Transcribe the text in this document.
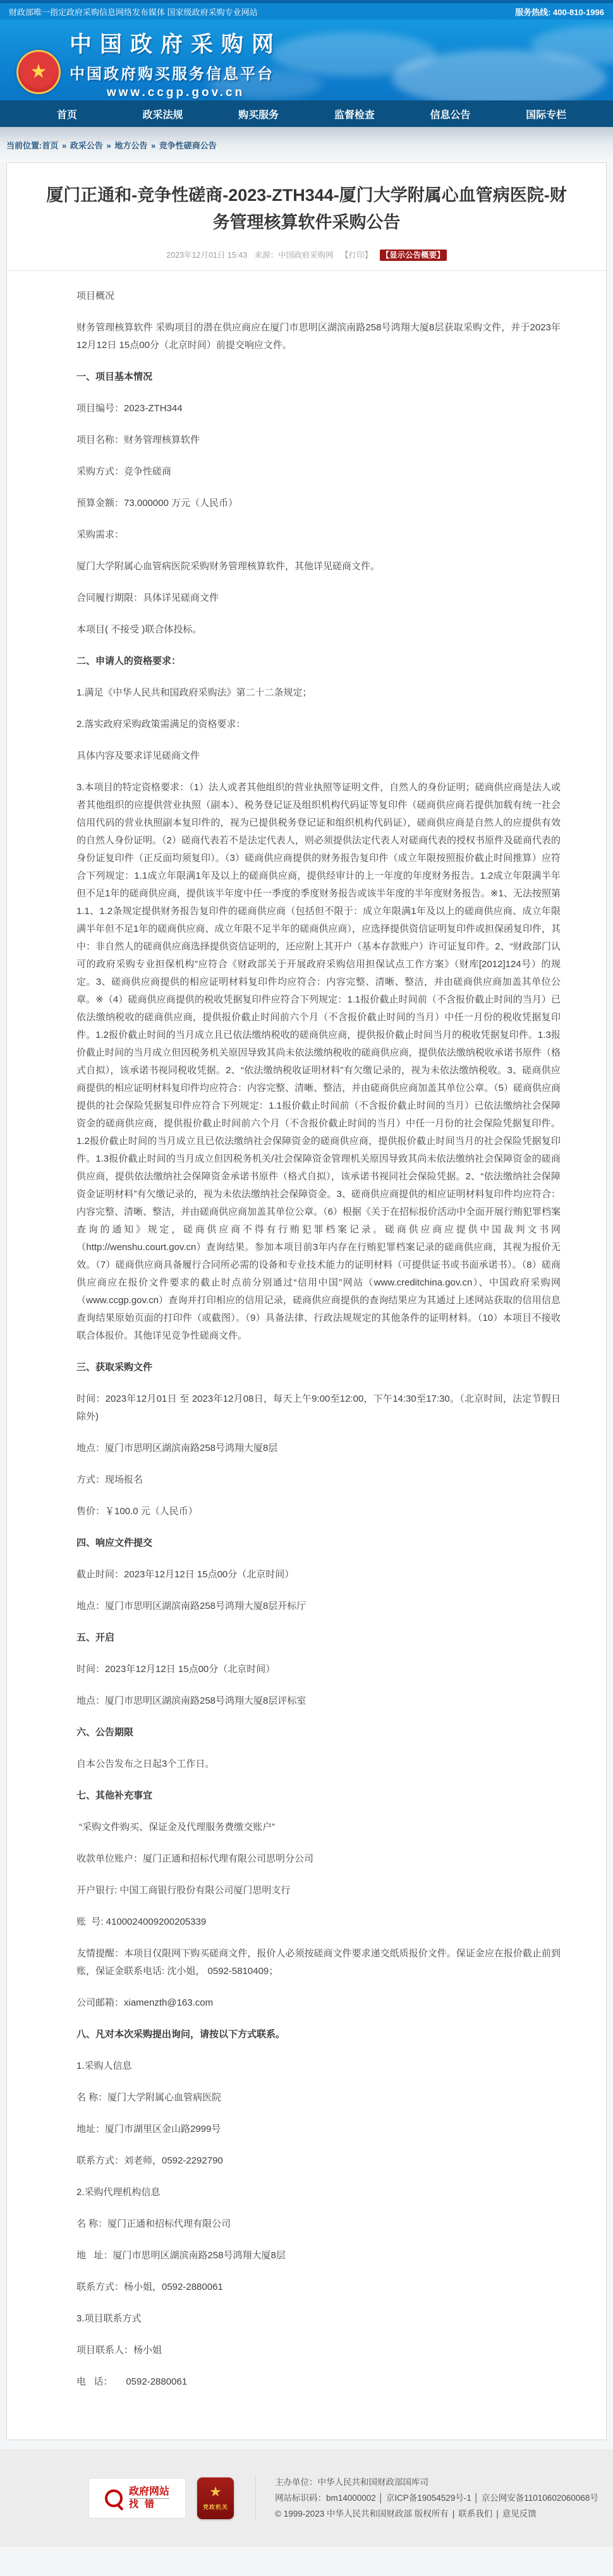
财政部唯一指定政府采购信息网络发布媒体 国家级政府采购专业网站	服务热线: 400-810-1996
★
中国政府采购网
中国政府购买服务信息平台
www.ccgp.gov.cn
首页	政采法规	购买服务	监督检查	信息公告	国际专栏
当前位置: 首页 » 政采公告 » 地方公告 » 竞争性磋商公告
厦门正通和-竞争性磋商-2023-ZTH344-厦门大学附属心血管病医院-财务管理核算软件采购公告
2023年12月01日 15:43 来源：中国政府采购网 【打印】 【显示公告概要】

项目概况

财务管理核算软件 采购项目的潜在供应商应在厦门市思明区湖滨南路258号鸿翔大厦8层获取采购文件，并于2023年12月12日 15点00分（北京时间）前提交响应文件。

一、项目基本情况

项目编号：2023-ZTH344

项目名称：财务管理核算软件

采购方式：竞争性磋商

预算金额：73.000000 万元（人民币）

采购需求：

厦门大学附属心血管病医院采购财务管理核算软件，其他详见磋商文件。

合同履行期限：具体详见磋商文件

本项目( 不接受 )联合体投标。

二、申请人的资格要求：

1.满足《中华人民共和国政府采购法》第二十二条规定；

2.落实政府采购政策需满足的资格要求：

具体内容及要求详见磋商文件

3.本项目的特定资格要求：（1）法人或者其他组织的营业执照等证明文件，自然人的身份证明；磋商供应商是法人或者其他组织的应提供营业执照（副本）、税务登记证及组织机构代码证等复印件（磋商供应商若提供加载有统一社会信用代码的营业执照副本复印件的，视为已提供税务登记证和组织机构代码证），磋商供应商是自然人的应提供有效的自然人身份证明。（2）磋商代表若不是法定代表人，则必须提供法定代表人对磋商代表的授权书原件及磋商代表的身份证复印件（正反面均须复印）。（3）磋商供应商提供的财务报告复印件（成立年限按照报价截止时间推算）应符合下列规定：1.1成立年限满1年及以上的磋商供应商，提供经审计的上一年度的年度财务报告。1.2成立年限满半年但不足1年的磋商供应商，提供该半年度中任一季度的季度财务报告或该半年度的半年度财务报告。※1、无法按照第1.1、1.2条规定提供财务报告复印件的磋商供应商（包括但不限于：成立年限满1年及以上的磋商供应商、成立年限满半年但不足1年的磋商供应商、成立年限不足半年的磋商供应商），应选择提供资信证明复印件或担保函复印件，其中：非自然人的磋商供应商选择提供资信证明的，还应附上其开户（基本存款账户）许可证复印件。2、“财政部门认可的政府采购专业担保机构”应符合《财政部关于开展政府采购信用担保试点工作方案》（财库[2012]124号）的规定。3、磋商供应商提供的相应证明材料复印件均应符合：内容完整、清晰、整洁，并由磋商供应商加盖其单位公章。※（4）磋商供应商提供的税收凭据复印件应符合下列规定：1.1报价截止时间前（不含报价截止时间的当月）已依法缴纳税收的磋商供应商，提供报价截止时间前六个月（不含报价截止时间的当月）中任一月份的税收凭据复印件。1.2报价截止时间的当月成立且已依法缴纳税收的磋商供应商，提供报价截止时间当月的税收凭据复印件。1.3报价截止时间的当月成立但因税务机关原因导致其尚未依法缴纳税收的磋商供应商，提供依法缴纳税收承诺书原件（格式自拟），该承诺书视同税收凭据。2、“依法缴纳税收证明材料”有欠缴记录的，视为未依法缴纳税收。3、磋商供应商提供的相应证明材料复印件均应符合：内容完整、清晰、整洁，并由磋商供应商加盖其单位公章。（5）磋商供应商提供的社会保险凭据复印件应符合下列规定：1.1报价截止时间前（不含报价截止时间的当月）已依法缴纳社会保障资金的磋商供应商，提供报价截止时间前六个月（不含报价截止时间的当月）中任一月份的社会保险凭据复印件。1.2报价截止时间的当月成立且已依法缴纳社会保障资金的磋商供应商，提供报价截止时间当月的社会保险凭据复印件。1.3报价截止时间的当月成立但因税务机关/社会保障资金管理机关原因导致其尚未依法缴纳社会保障资金的磋商供应商，提供依法缴纳社会保障资金承诺书原件（格式自拟），该承诺书视同社会保险凭据。2、“依法缴纳社会保障资金证明材料”有欠缴记录的，视为未依法缴纳社会保障资金。3、磋商供应商提供的相应证明材料复印件均应符合：内容完整、清晰、整洁，并由磋商供应商加盖其单位公章。（6）根据《关于在招标报价活动中全面开展行贿犯罪档案查询的通知》规定，磋商供应商不得有行贿犯罪档案记录。磋商供应商应提供中国裁判文书网（http://wenshu.court.gov.cn）查询结果。参加本项目前3年内存在行贿犯罪档案记录的磋商供应商，其视为报价无效。（7）磋商供应商具备履行合同所必需的设备和专业技术能力的证明材料（可提供证书或书面承诺书）。（8）磋商供应商应在报价文件要求的截止时点前分别通过“信用中国”网站（www.creditchina.gov.cn）、中国政府采购网（www.ccgp.gov.cn）查询并打印相应的信用记录，磋商供应商提供的查询结果应为其通过上述网站获取的信用信息查询结果原始页面的打印件（或截图）。（9）具备法律、行政法规规定的其他条件的证明材料。（10）本项目不接收联合体报价。其他详见竞争性磋商文件。

三、获取采购文件

时间：2023年12月01日 至 2023年12月08日，每天上午9:00至12:00，下午14:30至17:30。（北京时间，法定节假日除外)

地点：厦门市思明区湖滨南路258号鸿翔大厦8层

方式：现场报名

售价：￥100.0 元（人民币）

四、响应文件提交

截止时间：2023年12月12日 15点00分（北京时间）

地点：厦门市思明区湖滨南路258号鸿翔大厦8层开标厅

五、开启

时间：2023年12月12日 15点00分（北京时间）

地点：厦门市思明区湖滨南路258号鸿翔大厦8层评标室

六、公告期限

自本公告发布之日起3个工作日。

七、其他补充事宜

“采购文件购买、保证金及代理服务费缴交账户”

收款单位账户：厦门正通和招标代理有限公司思明分公司

开户银行: 中国工商银行股份有限公司厦门思明支行

账  号: 4100024009200205339

友情提醒：本项目仅限网下购买磋商文件，报价人必须按磋商文件要求递交纸质报价文件。保证金应在报价截止前到账，保证金联系电话: 沈小姐， 0592-5810409；

公司邮箱：xiamenzth@163.com

八、凡对本次采购提出询问，请按以下方式联系。

1.采购人信息

名 称：厦门大学附属心血管病医院

地址：厦门市湖里区金山路2999号

联系方式：刘老师，0592-2292790

2.采购代理机构信息

名 称：厦门正通和招标代理有限公司

地   址：厦门市思明区湖滨南路258号鸿翔大厦8层

联系方式：杨小姐，0592-2880061

3.项目联系方式

项目联系人：杨小姐

电   话：     0592-2880061

政府网站
找错
★
党政机关
主办单位：中华人民共和国财政部国库司
网站标识码：bm14000002 │ 京ICP备19054529号-1 │ 京公网安备11010602060068号
© 1999-2023 中华人民共和国财政部 版权所有 | 联系我们 | 意见反馈
